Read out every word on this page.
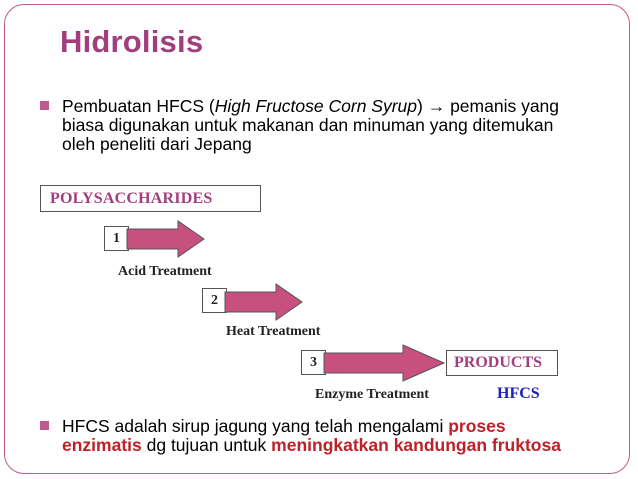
Hidrolisis
Pembuatan HFCS (High Fructose Corn Syrup) → pemanis yang biasa digunakan untuk makanan dan minuman yang ditemukan oleh peneliti dari Jepang
POLYSACCHARIDES
1
Acid Treatment
2
Heat Treatment
3
Enzyme Treatment
PRODUCTS
HFCS
HFCS adalah sirup jagung yang telah mengalami proses enzimatis dg tujuan untuk meningkatkan kandungan fruktosa
